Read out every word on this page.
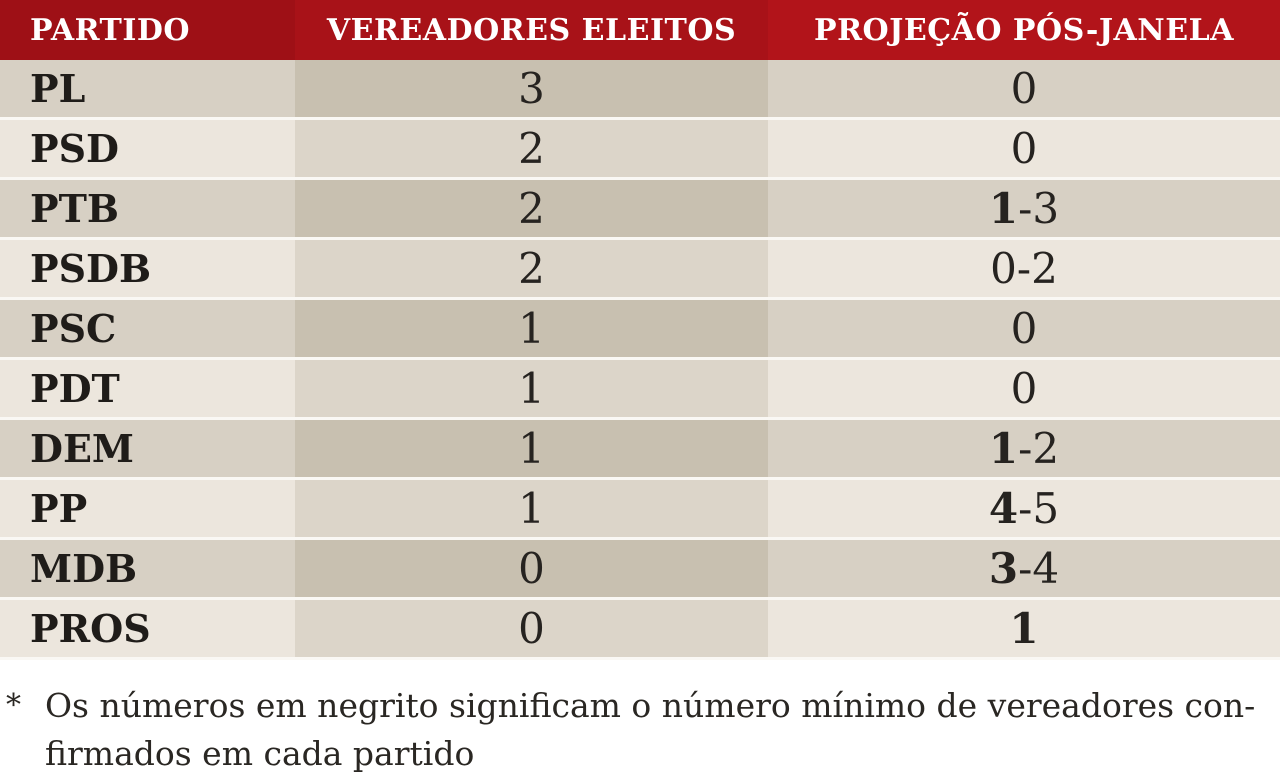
PARTIDO	VEREADORES ELEITOS	PROJEÇÃO PÓS-JANELA
PL	3	0
PSD	2	0
PTB	2	1 -3
PSDB	2	0-2
PSC	1	0
PDT	1	0
DEM	1	1 -2
PP	1	4 -5
MDB	0	3 -4
PROS	0	1
* Os números em negrito significam o número mínimo de vereadores con-
firmados em cada partido
